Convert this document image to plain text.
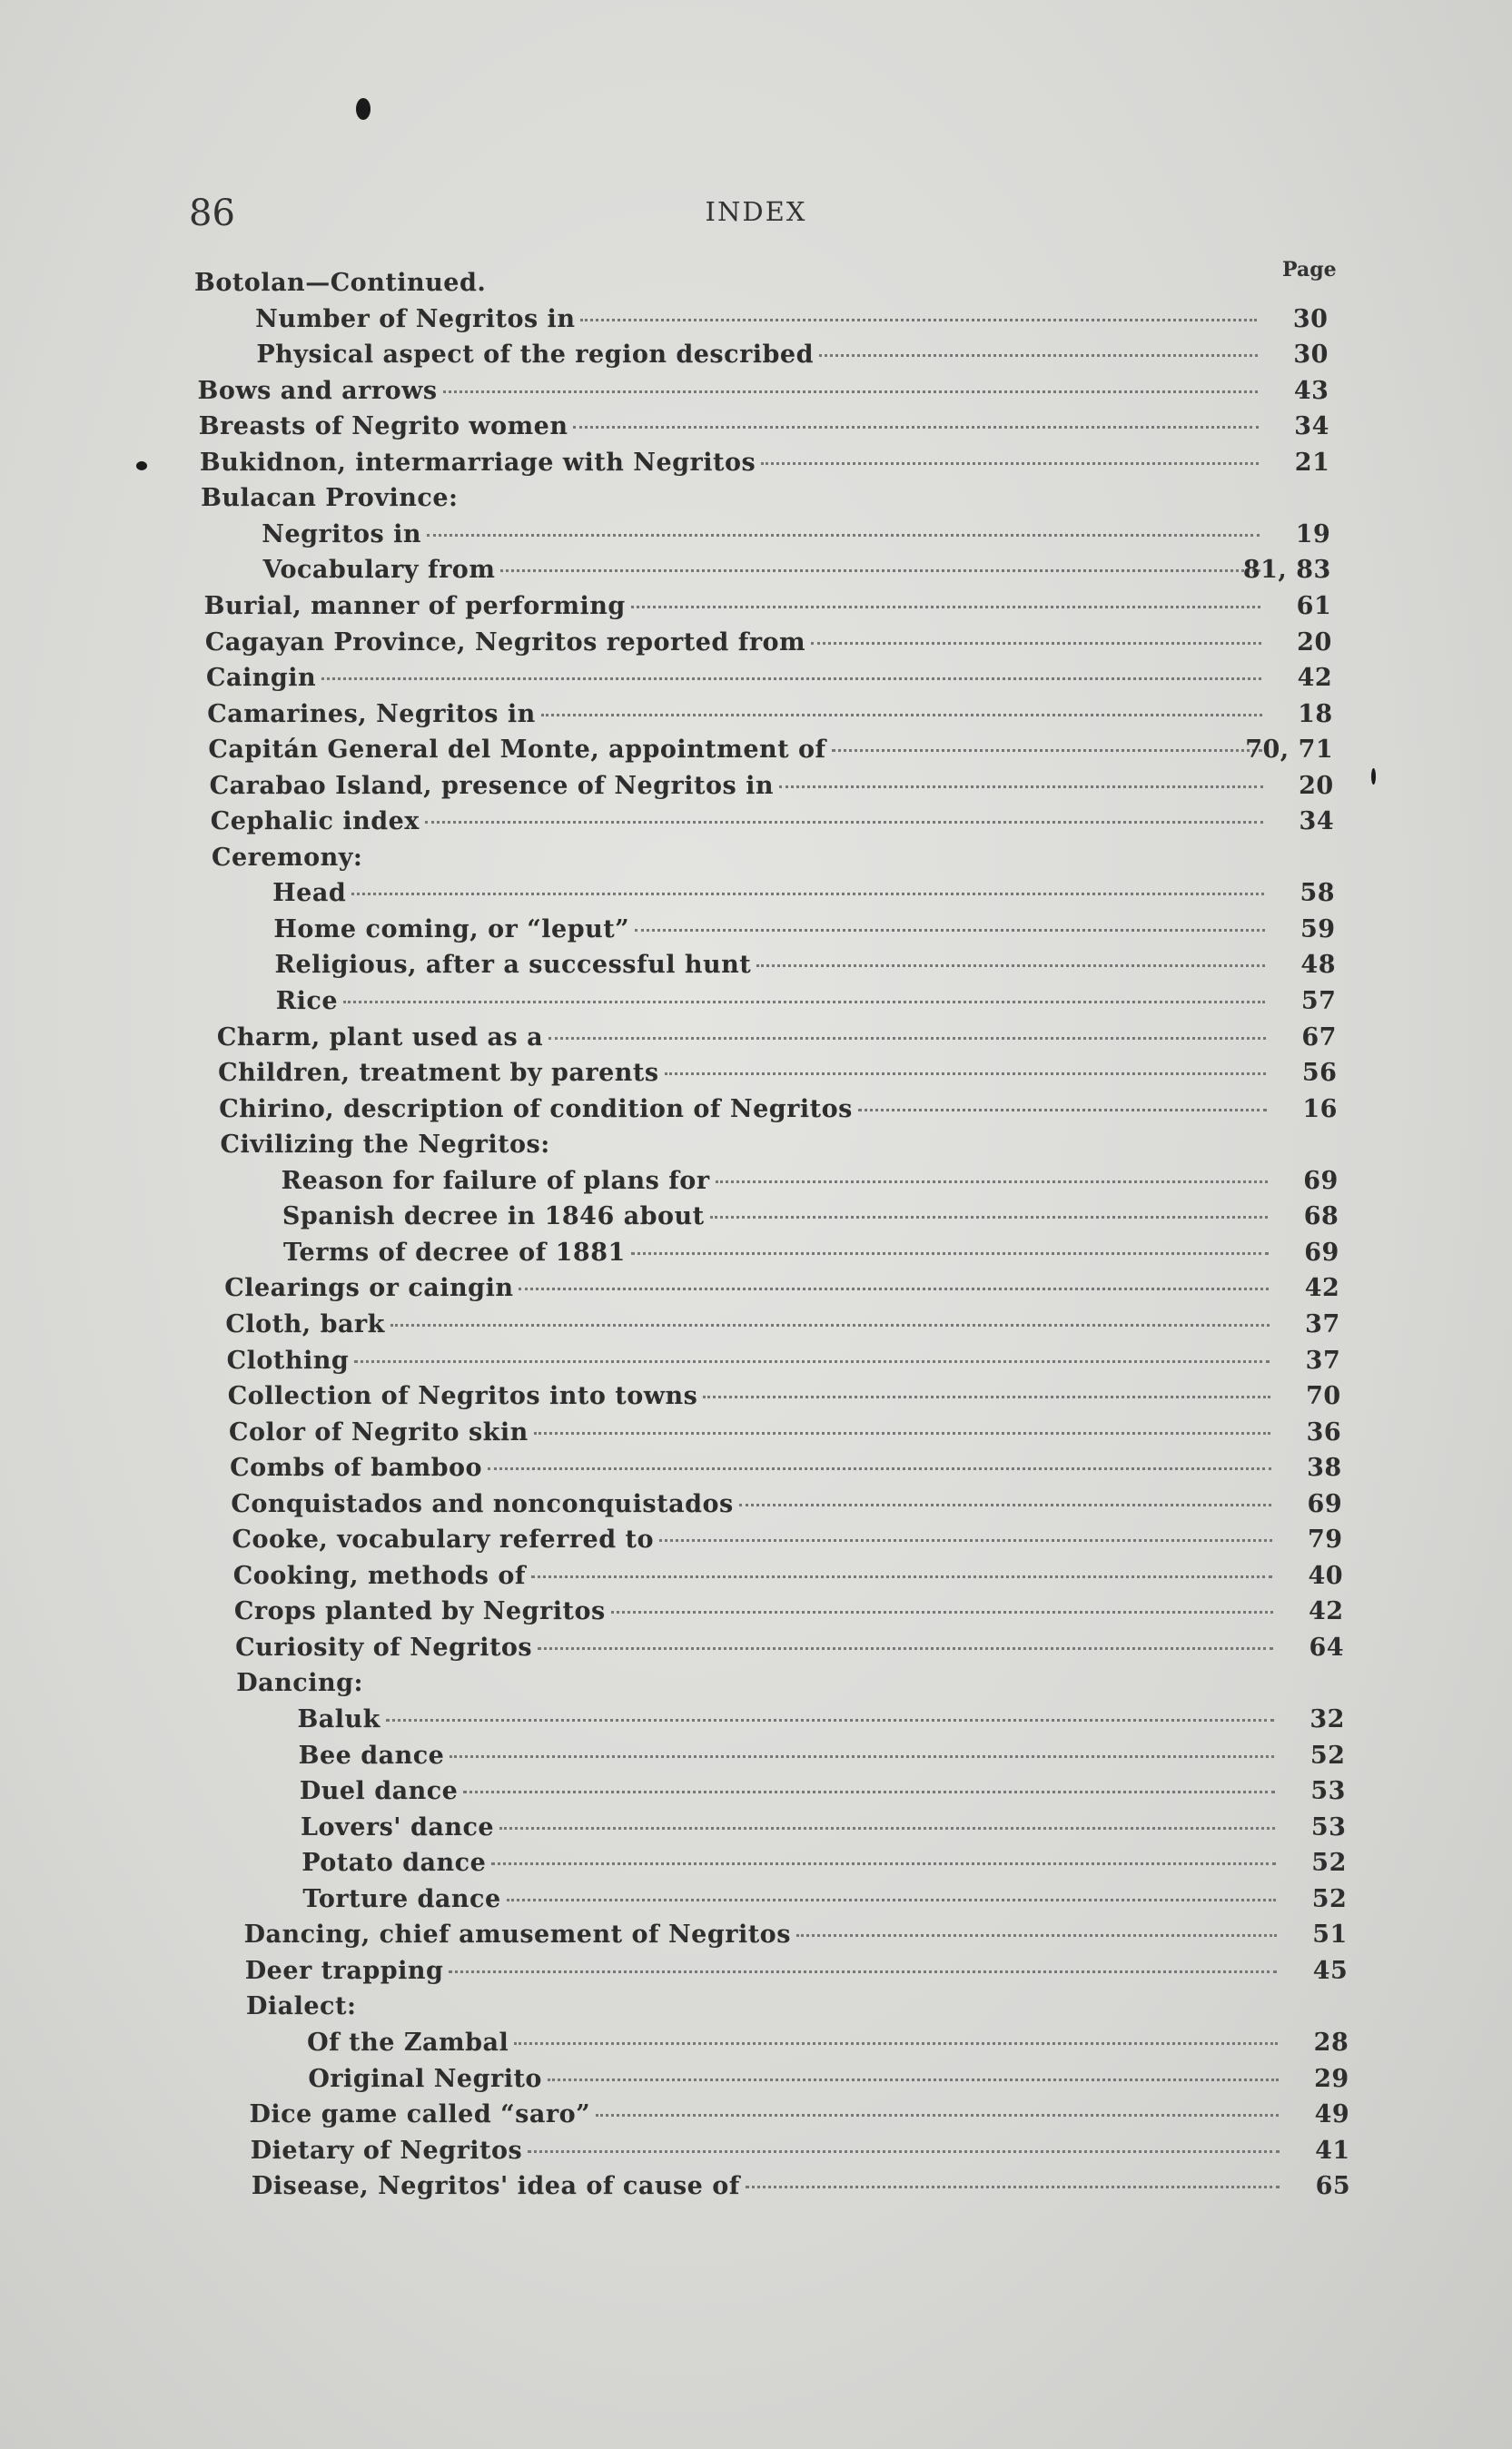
86	INDEX
Page
Botolan—Continued.
Number of Negritos in	30
Physical aspect of the region described	30
Bows and arrows	43
Breasts of Negrito women	34
Bukidnon, intermarriage with Negritos	21
Bulacan Province:
Negritos in	19
Vocabulary from	81, 83
Burial, manner of performing	61
Cagayan Province, Negritos reported from	20
Caingin	42
Camarines, Negritos in	18
Capitán General del Monte, appointment of	70, 71
Carabao Island, presence of Negritos in	20
Cephalic index	34
Ceremony:
Head	58
Home coming, or “leput”	59
Religious, after a successful hunt	48
Rice	57
Charm, plant used as a	67
Children, treatment by parents	56
Chirino, description of condition of Negritos	16
Civilizing the Negritos:
Reason for failure of plans for	69
Spanish decree in 1846 about	68
Terms of decree of 1881	69
Clearings or caingin	42
Cloth, bark	37
Clothing	37
Collection of Negritos into towns	70
Color of Negrito skin	36
Combs of bamboo	38
Conquistados and nonconquistados	69
Cooke, vocabulary referred to	79
Cooking, methods of	40
Crops planted by Negritos	42
Curiosity of Negritos	64
Dancing:
Baluk	32
Bee dance	52
Duel dance	53
Lovers' dance	53
Potato dance	52
Torture dance	52
Dancing, chief amusement of Negritos	51
Deer trapping	45
Dialect:
Of the Zambal	28
Original Negrito	29
Dice game called “saro”	49
Dietary of Negritos	41
Disease, Negritos' idea of cause of	65
